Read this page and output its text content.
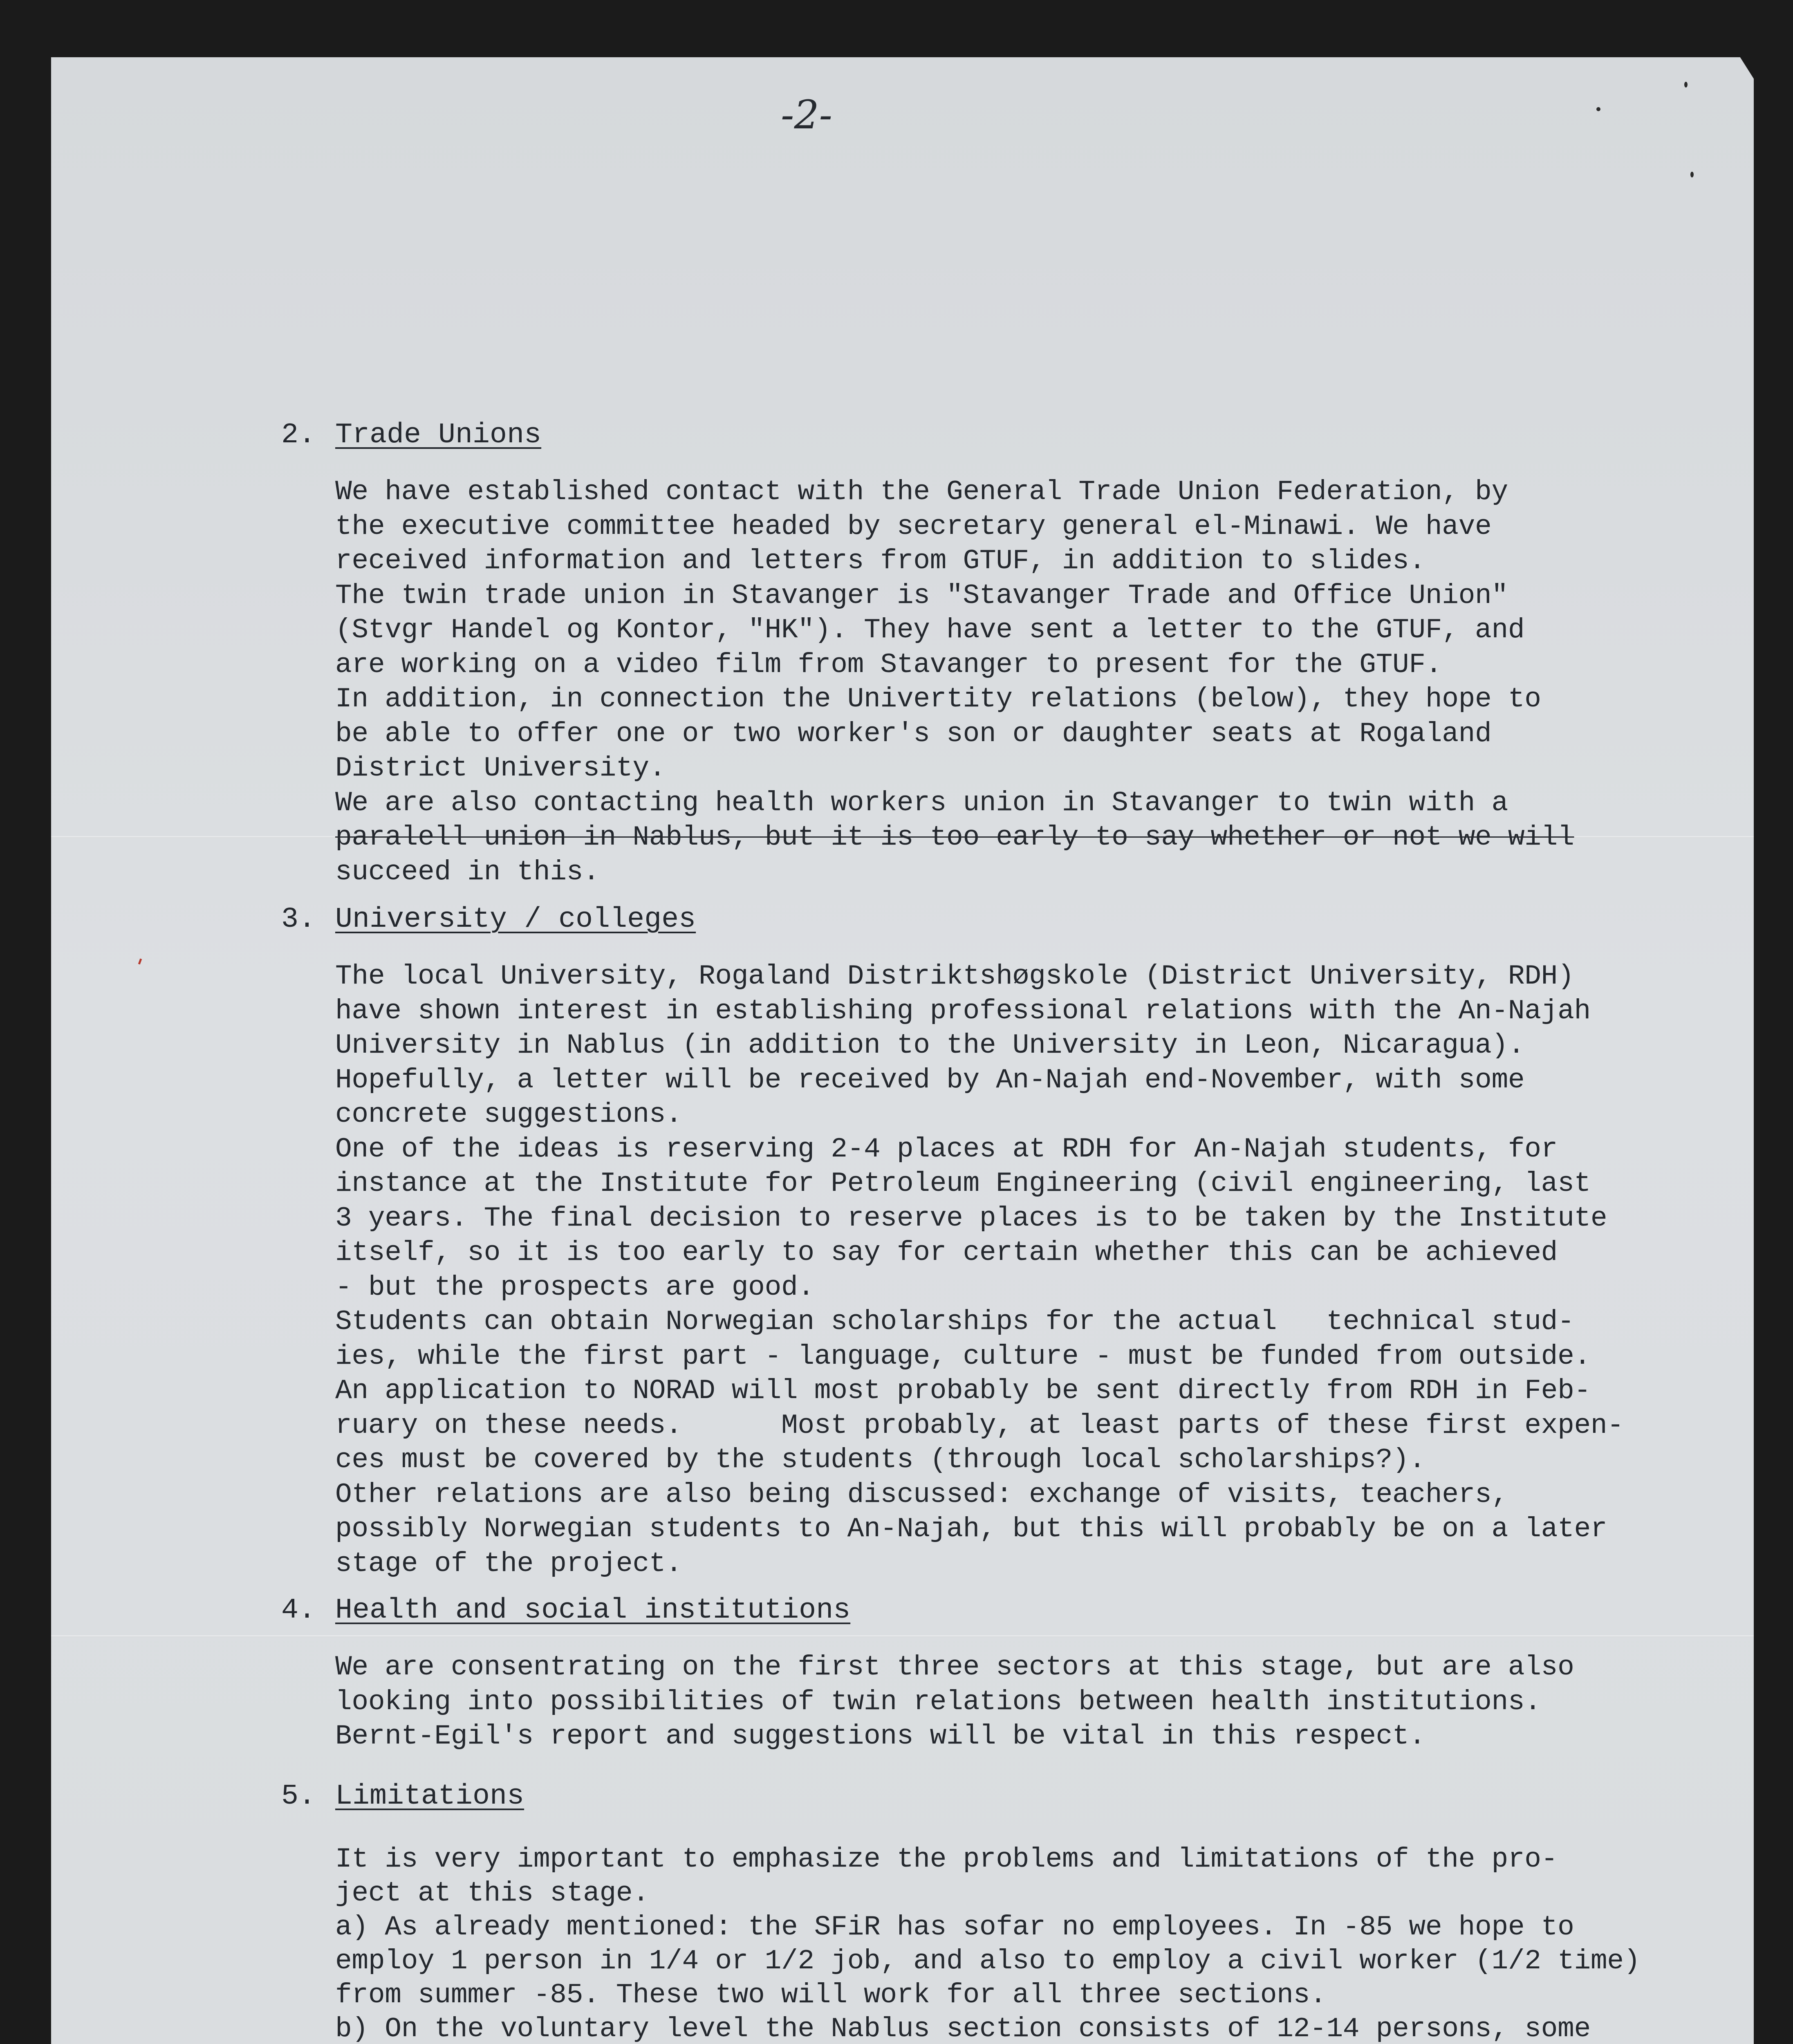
-2-
2. Trade Unions
We have established contact with the General Trade Union Federation, by
the executive committee headed by secretary general el-Minawi. We have
received information and letters from GTUF, in addition to slides.
The twin trade union in Stavanger is "Stavanger Trade and Office Union"
(Stvgr Handel og Kontor, "HK"). They have sent a letter to the GTUF, and
are working on a video film from Stavanger to present for the GTUF.
In addition, in connection the Univertity relations (below), they hope to
be able to offer one or two worker's son or daughter seats at Rogaland
District University.
We are also contacting health workers union in Stavanger to twin with a
paralell union in Nablus, but it is too early to say whether or not we will
succeed in this.
3. University / colleges
The local University, Rogaland Distriktshøgskole (District University, RDH)
have shown interest in establishing professional relations with the An-Najah
University in Nablus (in addition to the University in Leon, Nicaragua).
Hopefully, a letter will be received by An-Najah end-November, with some
concrete suggestions.
One of the ideas is reserving 2-4 places at RDH for An-Najah students, for
instance at the Institute for Petroleum Engineering (civil engineering, last
3 years. The final decision to reserve places is to be taken by the Institute
itself, so it is too early to say for certain whether this can be achieved
- but the prospects are good.
Students can obtain Norwegian scholarships for the actual   technical stud-
ies, while the first part - language, culture - must be funded from outside.
An application to NORAD will most probably be sent directly from RDH in Feb-
ruary on these needs.      Most probably, at least parts of these first expen-
ces must be covered by the students (through local scholarships?).
Other relations are also being discussed: exchange of visits, teachers,
possibly Norwegian students to An-Najah, but this will probably be on a later
stage of the project.
4. Health and social institutions
We are consentrating on the first three sectors at this stage, but are also
looking into possibilities of twin relations between health institutions.
Bernt-Egil's report and suggestions will be vital in this respect.
5. Limitations
It is very important to emphasize the problems and limitations of the pro-
ject at this stage.
a) As already mentioned: the SFiR has sofar no employees. In -85 we hope to
employ 1 person in 1/4 or 1/2 job, and also to employ a civil worker (1/2 time)
from summer -85. These two will work for all three sections.
b) On the voluntary level the Nablus section consists of 12-14 persons, some
